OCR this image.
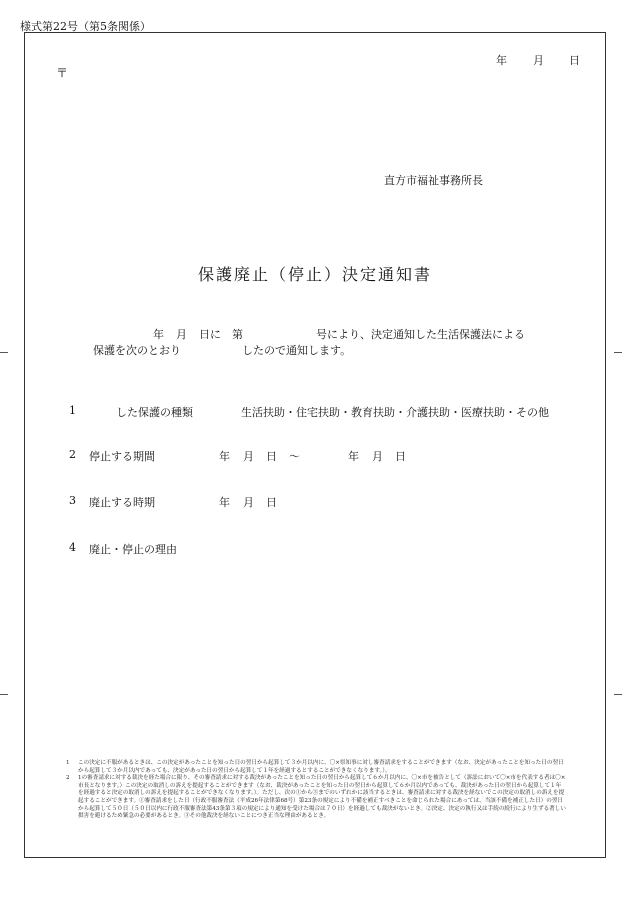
様式第22号（第5条関係）
年 月 日
〒
直方市福祉事務所長
保護廃止（停止）決定通知書
年 月 日に 第	号により、決定通知した生活保護法による
保護を次のとおり	したので通知します。
1	した保護の種類	生活扶助・住宅扶助・教育扶助・介護扶助・医療扶助・その他
2 停止する期間	年 月 日 ～	年 月 日
3 廃止する時期	年 月 日
4 廃止・停止の理由
1 この決定に不服があるときは、この決定があったことを知った日の翌日から起算して３か月以内に、〇×県知事に対し審査請求をすることができます（なお、決定があったことを知った日の翌日から起算して３か月以内であっても、決定があった日の翌日から起算して１年を経過するとすることができなくなります。）。
2 1の審査請求に対する裁決を経た場合に限り、その審査請求に対する裁決があったことを知った日の翌日から起算して６か月以内に、〇×市を被告として（訴訟において〇×市を代表する者は〇×市長となります。）この決定の取消しの訴えを提起することができます（なお、裁決があったことを知った日の翌日から起算して６か月以内であっても、裁決があった日の翌日から起算して１年を経過すると決定の取消しの訴えを提起することができなくなります。）。ただし、次の①から③までのいずれかに該当するときは、審査請求に対する裁決を経ないでこの決定の取消しの訴えを提起することができます。①審査請求をした日（行政不服審査法（平成26年法律第68号）第23条の規定により不備を補正すべきことを命じられた場合にあっては、当該不備を補正した日）の翌日から起算して５０日（５０日以内に行政不服審査法第43条第３項の規定により通知を受けた場合は７０日）を経過しても裁決がないとき。②決定、決定の執行又は手続の続行により生ずる著しい損害を避けるため緊急の必要があるとき。③その他裁決を経ないことにつき正当な理由があるとき。
